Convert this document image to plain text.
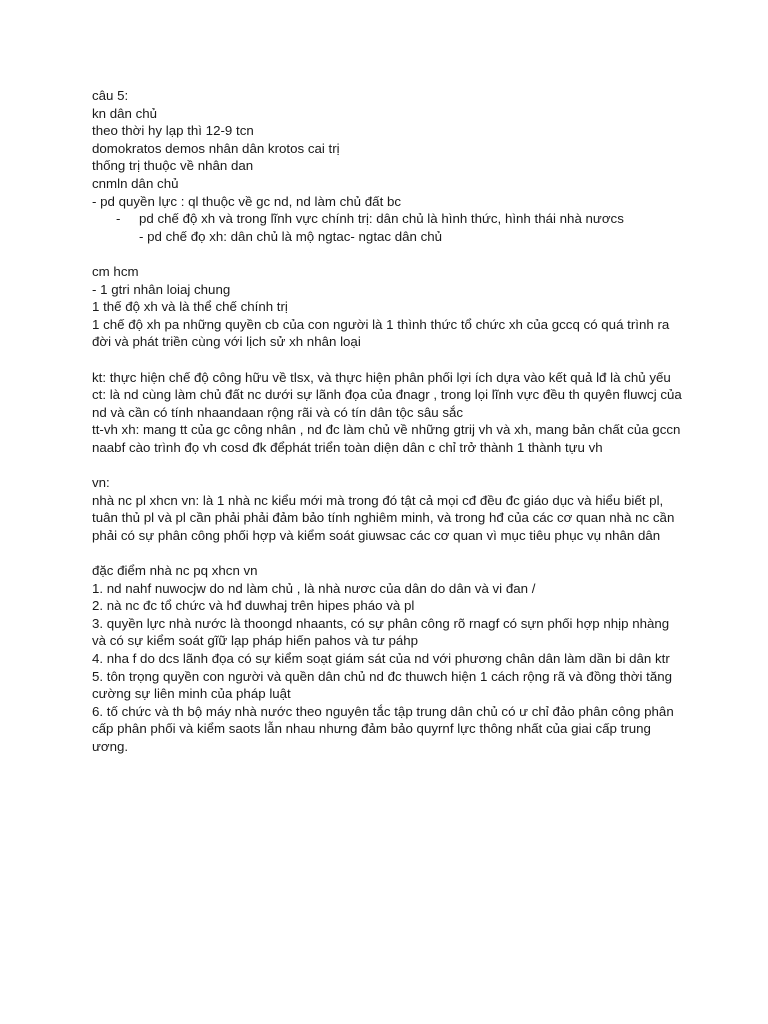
câu 5:
kn dân chủ
theo thời hy lạp thì 12-9 tcn
domokratos demos nhân dân krotos cai trị
thống trị thuộc về nhân dan
cnmln dân chủ
- pd quyền lực : ql thuộc về gc nd, nd làm chủ đất bc
-	pd chế độ xh và trong lĩnh vực chính trị: dân chủ là hình thức, hình thái nhà nươcs
- pd chế đọ xh: dân chủ là mộ ngtac- ngtac dân chủ
cm hcm
- 1 gtri nhân loiaj chung
1 thế độ xh và là thể chế chính trị
1 chế độ xh pa những quyền cb của con người là 1 thình thức tổ chức xh của gccq có quá trình ra đời và phát triền cùng với lịch sử xh nhân loại
kt: thực hiện chế độ công hữu về tlsx, và thực hiện phân phối lợi ích dựa vào kết quả lđ là chủ yếu
ct: là nd cùng làm chủ đất nc dưới sự lãnh đọa của đnagr , trong lọi lĩnh vực đều th quyên fluwcj của nd và cần có tính nhaandaan rộng rãi và có tín dân tộc sâu sắc
tt-vh xh: mang tt của gc công nhân , nd đc làm chủ về những gtrij vh và xh, mang bản chất của gccn naabf cào trình đọ vh cosd đk đểphát triển toàn diện dân c chỉ trở thành 1 thành tựu vh
vn:
nhà nc pl xhcn vn: là 1 nhà nc kiểu mới mà trong đó tật cả mọi cđ đều đc giáo dục và hiểu biết pl, tuân thủ pl và pl cần phải phải đảm bảo tính nghiêm minh, và trong hđ của các cơ quan nhà nc cần phải có sự phân công phối hợp và kiểm soát giuwsac các cơ quan vì mục tiêu phục vụ nhân dân
đặc điểm nhà nc pq xhcn vn
1. nd nahf nuwocjw do nd làm chủ , là nhà nươc của dân do dân và vi đan /
2. nà nc đc tổ chức và hđ duwhaj trên hipes pháo và pl
3. quyền lực nhà nước là thoongd nhaants, có sự phân công rõ rnagf có sựn phối hợp nhịp nhàng và có sự kiểm soát gĩữ lạp pháp hiến pahos và tư páhp
4. nha f do dcs lãnh đọa có sự kiểm soạt giám sát của nd với phương chân dân làm dần bi dân ktr
5. tôn trọng quyền con người và quền dân chủ nd đc thuwch hiện 1 cách rộng rã và đồng thời tăng cường sự liên minh của pháp luật
6. tố chức và th bộ máy nhà nước theo nguyên tắc tập trung dân chủ có ư chỉ đảo phân công phân cấp phân phối và kiểm saots lẫn nhau nhưng đảm bảo quyrnf lực thông nhất của giai cấp trung ương.
